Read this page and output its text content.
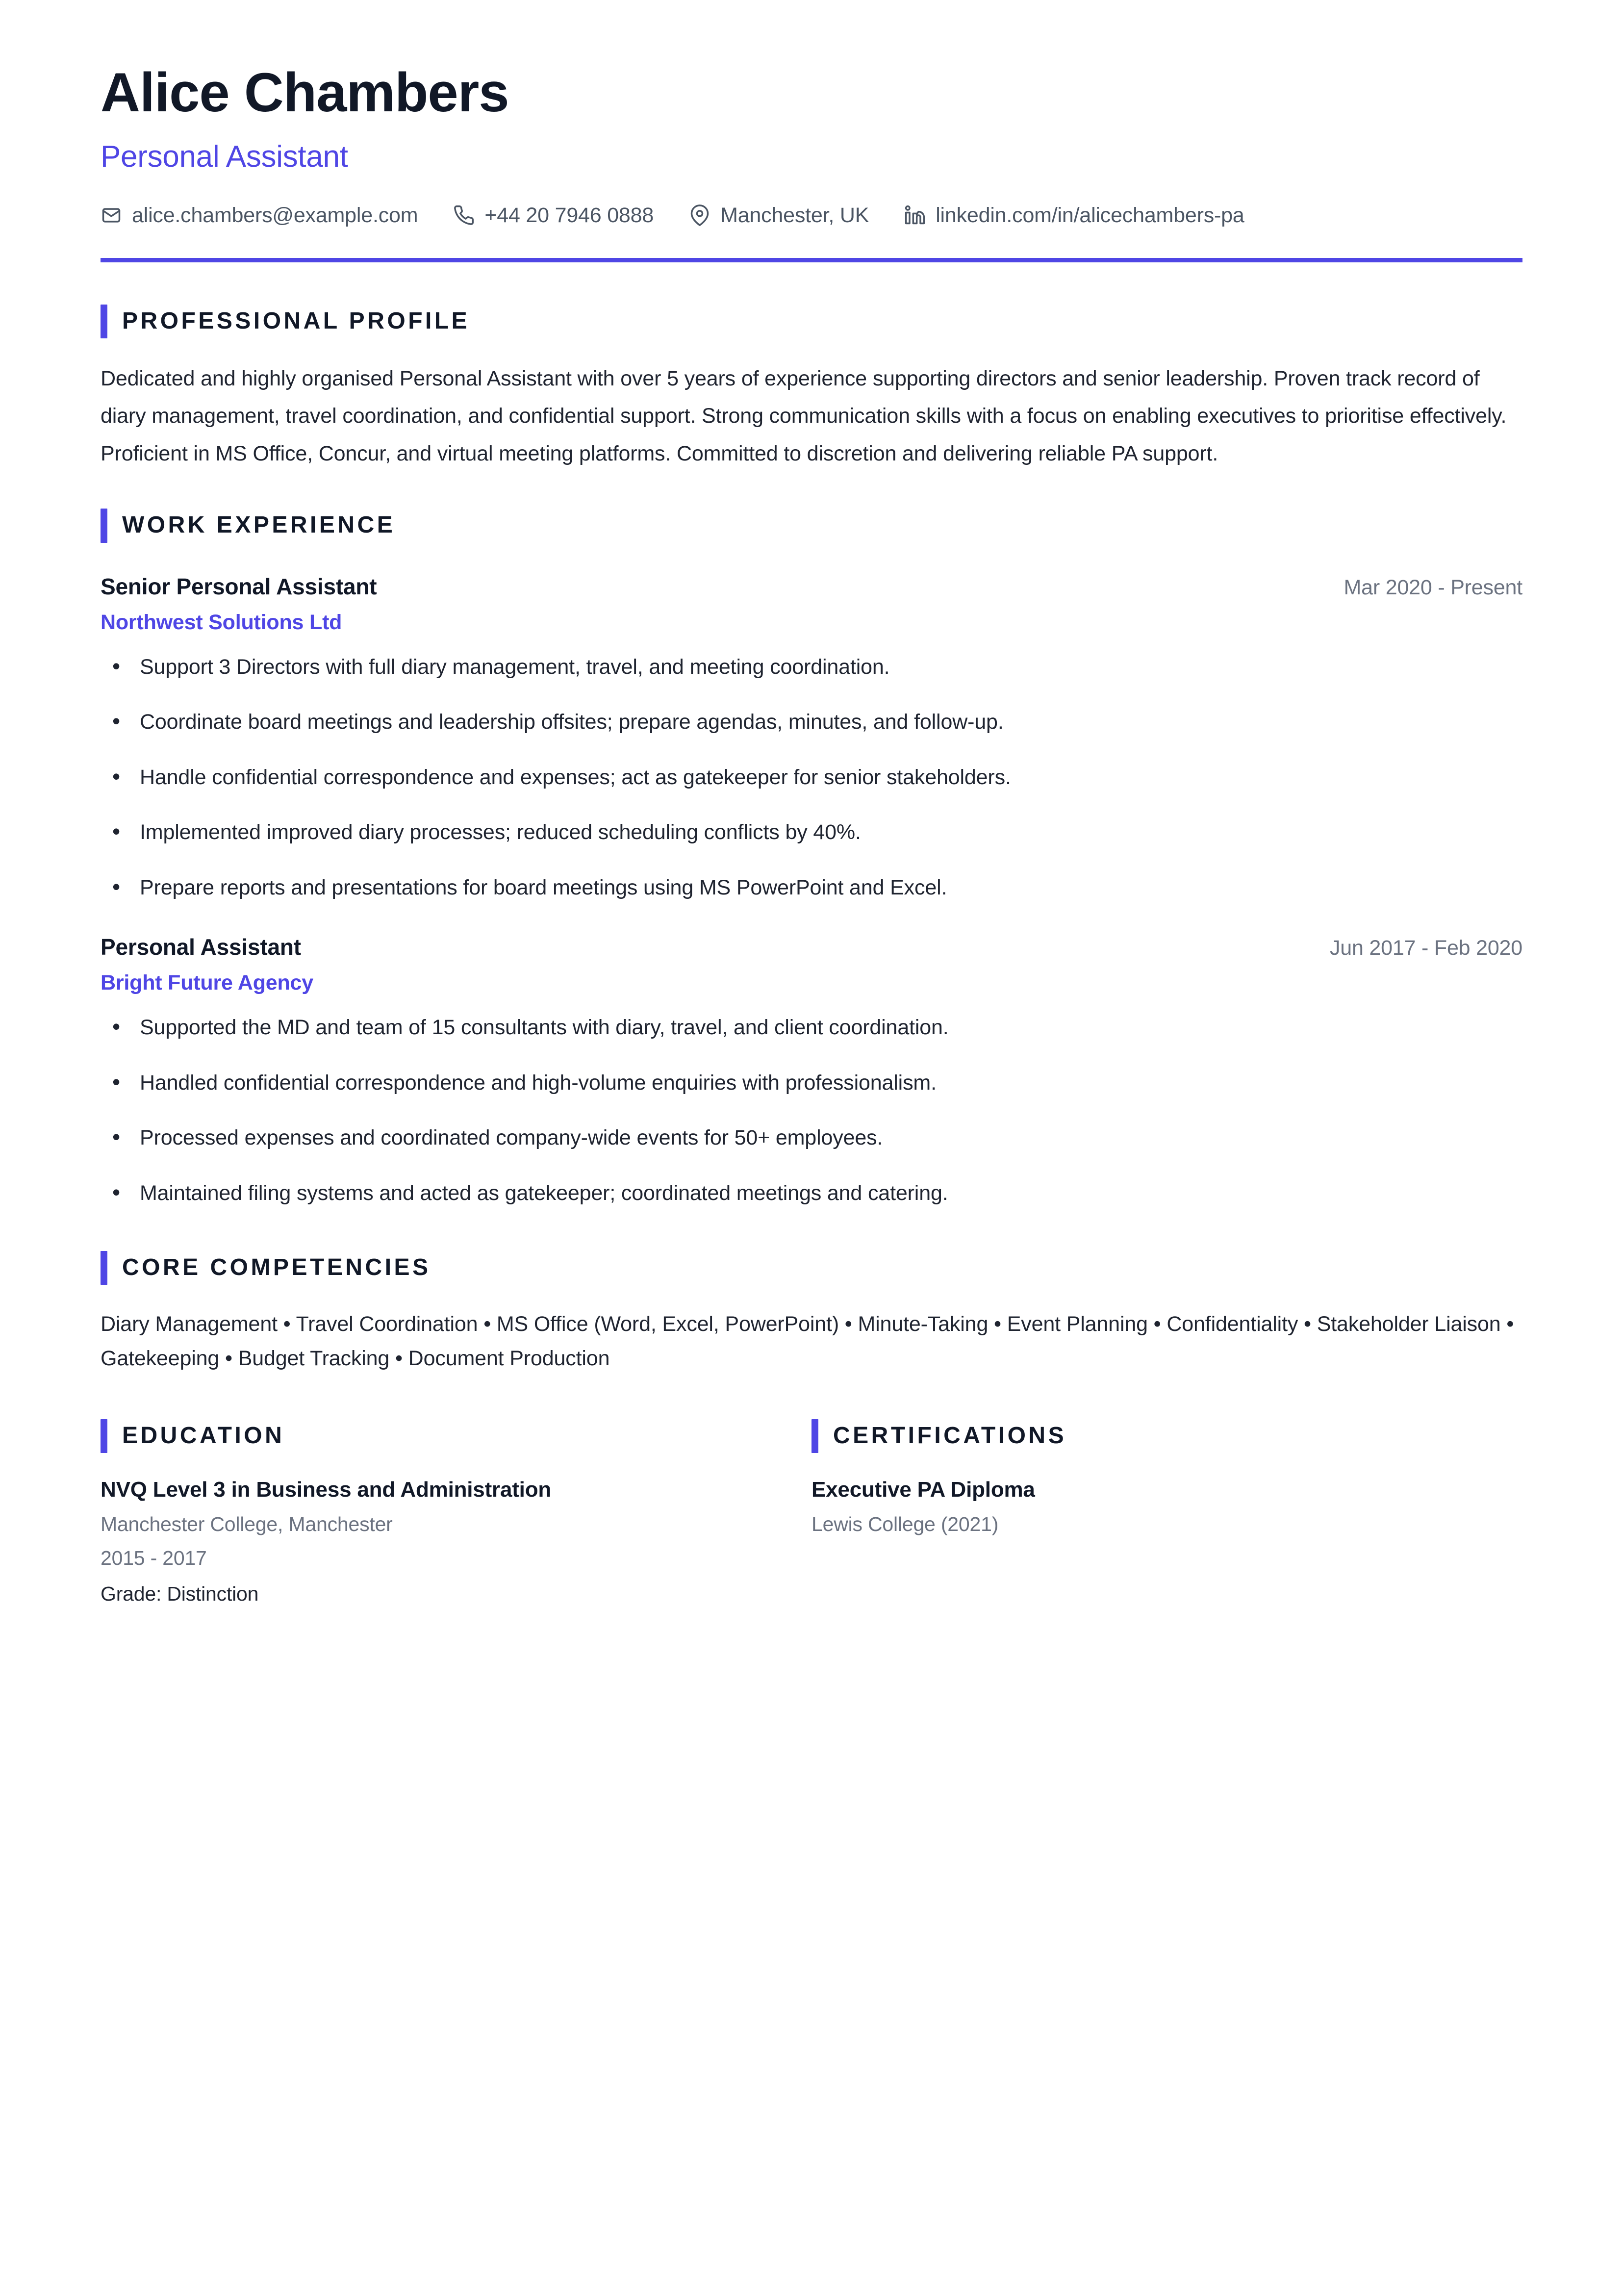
Alice Chambers
Personal Assistant
alice.chambers@example.com	+44 20 7946 0888	Manchester, UK	linkedin.com/in/alicechambers-pa
PROFESSIONAL PROFILE

Dedicated and highly organised Personal Assistant with over 5 years of experience supporting directors and senior leadership. Proven track record of diary management, travel coordination, and confidential support. Strong communication skills with a focus on enabling executives to prioritise effectively. Proficient in MS Office, Concur, and virtual meeting platforms. Committed to discretion and delivering reliable PA support.

WORK EXPERIENCE
Senior Personal Assistant	Mar 2020 - Present
Northwest Solutions Ltd
• Support 3 Directors with full diary management, travel, and meeting coordination.
• Coordinate board meetings and leadership offsites; prepare agendas, minutes, and follow-up.
• Handle confidential correspondence and expenses; act as gatekeeper for senior stakeholders.
• Implemented improved diary processes; reduced scheduling conflicts by 40%.
• Prepare reports and presentations for board meetings using MS PowerPoint and Excel.
Personal Assistant	Jun 2017 - Feb 2020
Bright Future Agency
• Supported the MD and team of 15 consultants with diary, travel, and client coordination.
• Handled confidential correspondence and high-volume enquiries with professionalism.
• Processed expenses and coordinated company-wide events for 50+ employees.
• Maintained filing systems and acted as gatekeeper; coordinated meetings and catering.
CORE COMPETENCIES

Diary Management • Travel Coordination • MS Office (Word, Excel, PowerPoint) • Minute-Taking • Event Planning • Confidentiality • Stakeholder Liaison • Gatekeeping • Budget Tracking • Document Production

EDUCATION
NVQ Level 3 in Business and Administration
Manchester College, Manchester
2015 - 2017
Grade: Distinction
CERTIFICATIONS
Executive PA Diploma
Lewis College (2021)
